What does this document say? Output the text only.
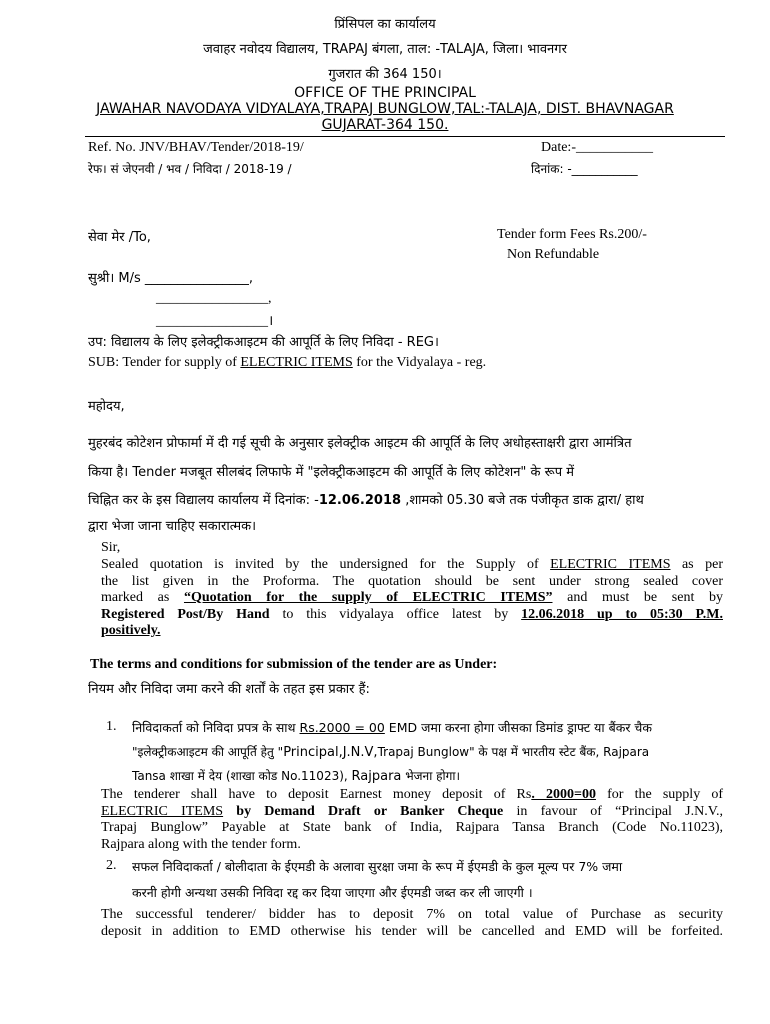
प्रिंसिपल का कार्यालय
जवाहर नवोदय विद्यालय, TRAPAJ बंगला, ताल: -TALAJA, जिला। भावनगर
गुजरात की 364 150।
OFFICE OF THE PRINCIPAL
JAWAHAR NAVODAYA VIDYALAYA,TRAPAJ BUNGLOW,TAL:-TALAJA, DIST. BHAVNAGAR
GUJARAT-364 150.
Ref. No. JNV/BHAV/Tender/2018-19/
रेफ। सं जेएनवी / भव / निविदा / 2018-19 /
Date:-___________
दिनांक: -___________
सेवा मेर /To,	Tender form Fees Rs.200/-
Non Refundable
सुश्री। M/s ________________,
________________,
________________।
उप: विद्यालय के लिए इलेक्ट्रीकआइटम की आपूर्ति के लिए निविदा - REG।
SUB: Tender for supply of ELECTRIC ITEMS for the Vidyalaya - reg.
महोदय,
मुहरबंद कोटेशन प्रोफार्मा में दी गई सूची के अनुसार इलेक्ट्रीक आइटम की आपूर्ति के लिए अधोहस्ताक्षरी द्वारा आमंत्रित
किया है। Tender मजबूत सीलबंद लिफाफे में "इलेक्ट्रीकआइटम की आपूर्ति के लिए कोटेशन" के रूप में
चिह्नित कर के इस विद्यालय कार्यालय में दिनांक: -12.06.2018 ,शामको 05.30 बजे तक पंजीकृत डाक द्वारा/ हाथ
द्वारा भेजा जाना चाहिए सकारात्मक।
Sir,
Sealed quotation is invited by the undersigned for the Supply of ELECTRIC ITEMS as per
the list given in the Proforma. The quotation should be sent under strong sealed cover
marked as “Quotation for the supply of ELECTRIC ITEMS” and must be sent by
Registered Post/By Hand to this vidyalaya office latest by 12.06.2018 up to 05:30 P.M.
positively.
The terms and conditions for submission of the tender are as Under:
नियम और निविदा जमा करने की शर्तों के तहत इस प्रकार हैं:
1. निविदाकर्ता को निविदा प्रपत्र के साथ Rs.2000 = 00 EMD जमा करना होगा जीसका डिमांड ड्राफ्ट या बैंकर चैक
"इलेक्ट्रीकआइटम की आपूर्ति हेतु "Principal,J.N.V,Trapaj Bunglow" के पक्ष में भारतीय स्टेट बैंक, Rajpara
Tansa शाखा में देय (शाखा कोड No.11023), Rajpara भेजना होगा।
The tenderer shall have to deposit Earnest money deposit of Rs. 2000=00 for the supply of
ELECTRIC ITEMS by Demand Draft or Banker Cheque in favour of “Principal J.N.V.,
Trapaj Bunglow” Payable at State bank of India, Rajpara Tansa Branch (Code No.11023),
Rajpara along with the tender form.
2. सफल निविदाकर्ता / बोलीदाता के ईएमडी के अलावा सुरक्षा जमा के रूप में ईएमडी के कुल मूल्य पर 7% जमा
करनी होगी अन्यथा उसकी निविदा रद्द कर दिया जाएगा और ईएमडी जब्त कर ली जाएगी ।
The successful tenderer/ bidder has to deposit 7% on total value of Purchase as security
deposit in addition to EMD otherwise his tender will be cancelled and EMD will be forfeited.
